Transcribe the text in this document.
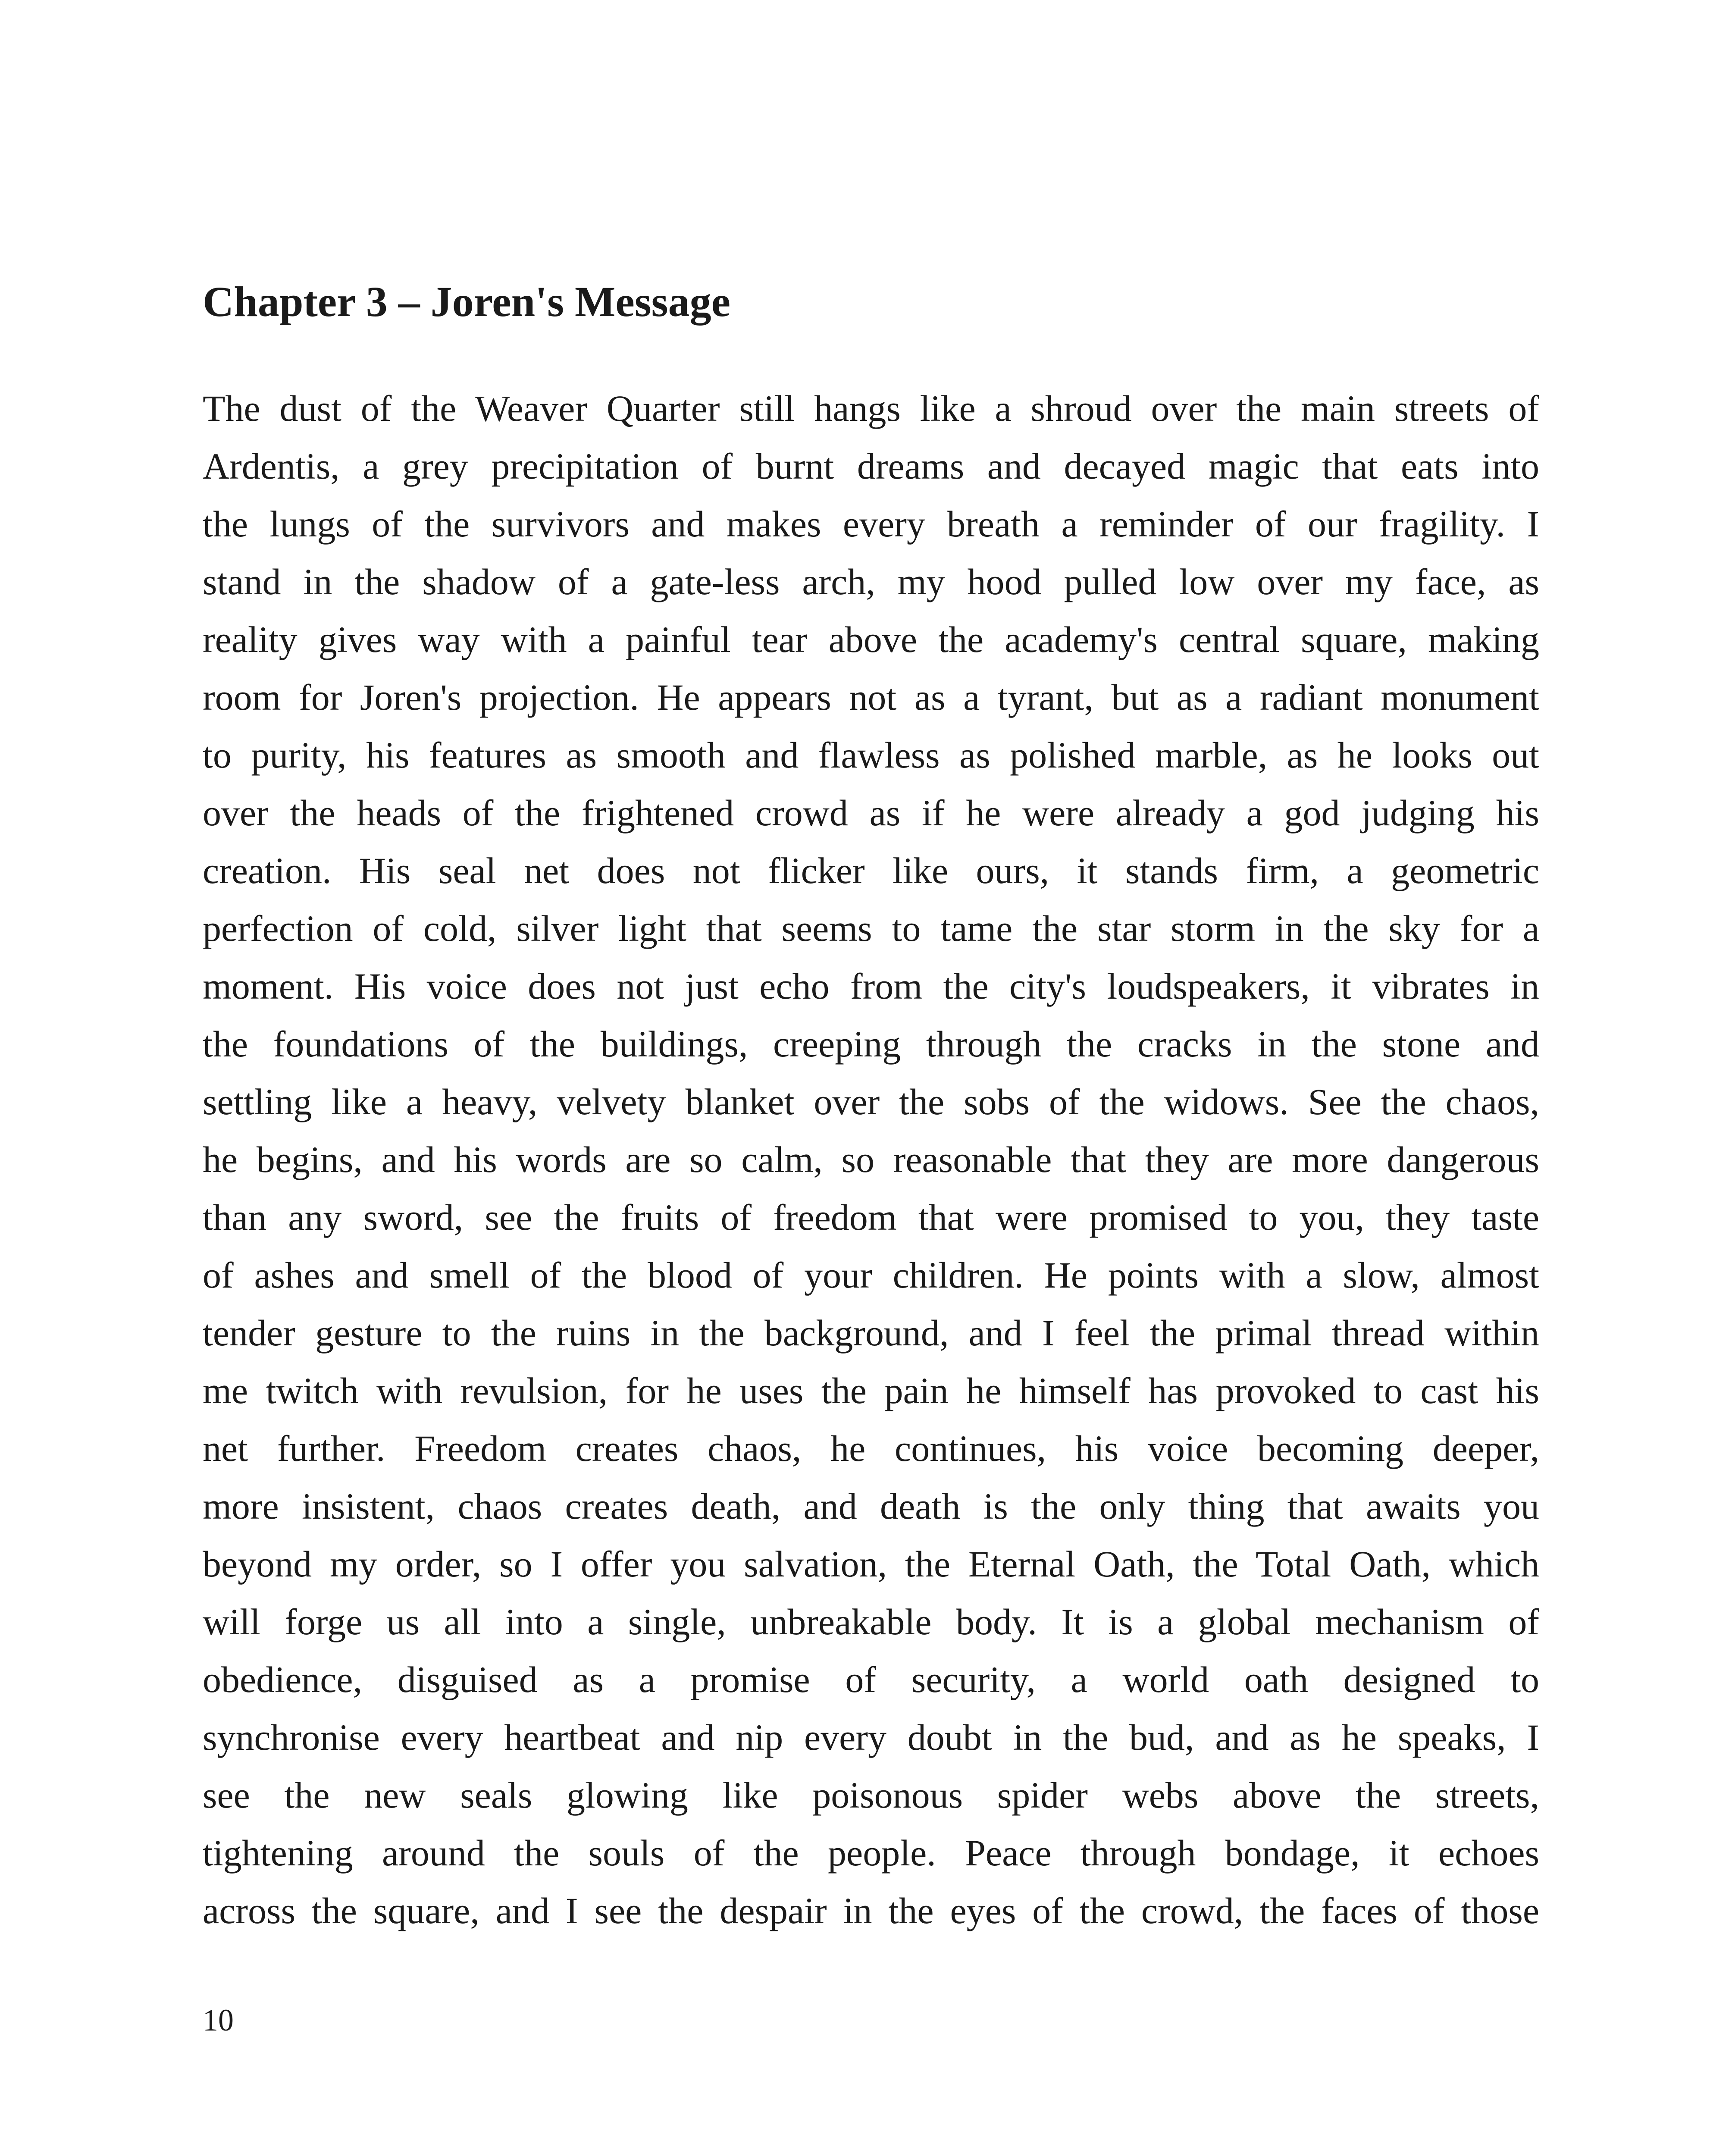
Chapter 3 – Joren's Message
The dust of the Weaver Quarter still hangs like a shroud over the main streets of
Ardentis, a grey precipitation of burnt dreams and decayed magic that eats into
the lungs of the survivors and makes every breath a reminder of our fragility. I
stand in the shadow of a gate-less arch, my hood pulled low over my face, as
reality gives way with a painful tear above the academy's central square, making
room for Joren's projection. He appears not as a tyrant, but as a radiant monument
to purity, his features as smooth and flawless as polished marble, as he looks out
over the heads of the frightened crowd as if he were already a god judging his
creation. His seal net does not flicker like ours, it stands firm, a geometric
perfection of cold, silver light that seems to tame the star storm in the sky for a
moment. His voice does not just echo from the city's loudspeakers, it vibrates in
the foundations of the buildings, creeping through the cracks in the stone and
settling like a heavy, velvety blanket over the sobs of the widows. See the chaos,
he begins, and his words are so calm, so reasonable that they are more dangerous
than any sword, see the fruits of freedom that were promised to you, they taste
of ashes and smell of the blood of your children. He points with a slow, almost
tender gesture to the ruins in the background, and I feel the primal thread within
me twitch with revulsion, for he uses the pain he himself has provoked to cast his
net further. Freedom creates chaos, he continues, his voice becoming deeper,
more insistent, chaos creates death, and death is the only thing that awaits you
beyond my order, so I offer you salvation, the Eternal Oath, the Total Oath, which
will forge us all into a single, unbreakable body. It is a global mechanism of
obedience, disguised as a promise of security, a world oath designed to
synchronise every heartbeat and nip every doubt in the bud, and as he speaks, I
see the new seals glowing like poisonous spider webs above the streets,
tightening around the souls of the people. Peace through bondage, it echoes
across the square, and I see the despair in the eyes of the crowd, the faces of those
10
